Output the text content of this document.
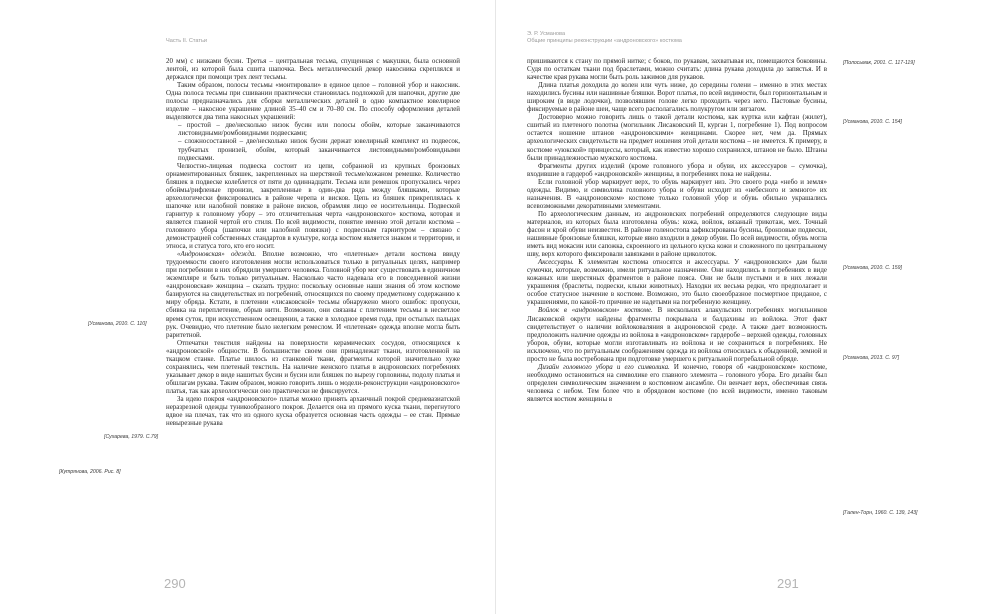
Часть II. Статьи

20 мм) с низками бусин. Третья – центральная тесьма, спущенная с макушки, была основной лентой, из которой была сшита шапочка. Весь металлический декор накосника скреплялся и держался при помощи трех лент тесьмы.

Таким образом, полосы тесьмы «монтировали» в единое целое – головной убор и накосник. Одна полоса тесьмы при сшивании практически становилась подложкой для шапочки, другие две полосы предназначались для сборки металлических деталей в одно компактное ювелирное изделие – накосное украшение длиной 35–40 см и 70–80 см. По способу оформления деталей выделяются два типа накосных украшений:

– простой – две/несколько низок бусин или полосы обойм, которые заканчиваются листовидными/ромбовидными подвесками;

– сложносоставной – две/несколько низок бусин держат ювелирный комплект из подвесок, трубчатых пронизей, обойм, который заканчивается листовидными/ромбовидными подвесками.

Челюстно-лицевая подвеска состоит из цепи, собранной из крупных бронзовых орнаментированных бляшек, закрепленных на шерстяной тесьме/кожаном ремешке. Количество бляшек в подвеске колеблется от пяти до одиннадцати. Тесьма или ремешок пропускались через обоймы/рифленые пронизи, закрепленные в один-два ряда между бляшками, которые археологически фиксировались в районе черепа и висков. Цепь из бляшек прикреплялась к шапочке или налобной повязке в районе висков, обрамляя лицо ее носительницы. Подвеской гарнитур к головному убору – это отличительная черта «андроновского» костюма, которая и является главной чертой его стиля. По всей видимости, понятие именно этой детали костюма – головного убора (шапочки или налобной повязки) с подвесным гарнитуром – связано с демонстрацией собственных стандартов в культуре, когда костюм является знаком и территории, и этноса, и статуса того, кто его носит.

«Андроновская» одежда. Вполне возможно, что «плетеные» детали костюма ввиду трудоемкости своего изготовления могли использоваться только в ритуальных целях, например при погребении в них обрядили умершего человека. Головной убор мог существовать в единичном экземпляре и быть только ритуальным. Насколько часто надевала его в повседневной жизни «андроновская» женщина – сказать трудно: поскольку основные наши знания об этом костюме базируются на свидетельствах из погребений, относящихся по своему предметному содержанию к миру обряда. Кстати, в плетении «лисаковской» тесьмы обнаружено много ошибок: пропуски, сбивка на переплетение, обрыв нити. Возможно, они связаны с плетением тесьмы в несветлое время суток, при искусственном освещении, а также в холодное время года, при остылых пальцах рук. Очевидно, что плетение было нелегким ремеслом. И «плетеная» одежда вполне могла быть раритетной.

Отпечатки текстиля найдены на поверхности керамических сосудов, относящихся к «андроновской» общности. В большинстве своем они принадлежат ткани, изготовленной на ткацком станке. Платье шилось из станковой ткани, фрагменты которой значительно хуже сохранялись, чем плетеный текстиль. На наличие женского платья в андроновских погребениях указывает декор в виде нашитых бусин и бусин или бляшек по вырезу горловины, подолу платья и обшлагам рукава. Таким образом, можно говорить лишь о модели-реконструкции «андроновского» платья, так как археологически оно практически не фиксируется.

За идею покроя «андроновского» платья можно принять архаичный покрой средневазиатской неразрезной одежды туникообразного покроя. Делается она из прямого куска ткани, перегнутого вдвое на плечах, так что из одного куска образуется основная часть одежды – ее стан. Прямые невырезные рукава

[Усманова, 2010. С. 110]
[Сухарева, 1979. С.79]
[Кутрянова, 2006. Рис. 8]
290
Э. Р. Усманова
Общие принципы реконструкции «андроновского» костюма

пришиваются к стану по прямой нитке; с боков, по рукавам, захватывая их, помещаются боковины. Судя по остаткам ткани под браслетами, можно считать: длина рукава доходила до запястья. И в качестве края рукава могли быть роль зажимов для рукавов.

Длина платья доходила до колен или чуть ниже, до середины голени – именно в этих местах находились бусины или нашивные бляшки. Ворот платья, по всей видимости, был горизонтальным и широким (в виде лодочки), позволявшим голове легко проходить через него. Пастовые бусины, фиксируемые в районе шеи, чаще всего располагались полукругом или зигзагом.

Достоверно можно говорить лишь о такой детали костюма, как куртка или кафтан (жилет), сшитый из плетеного полотна (могильник Лисаковский II, курган 1, погребение 1). Под вопросом остается ношение штанов «андроновскими» женщинами. Скорее нет, чем да. Прямых археологических свидетельств на предмет ношения этой детали костюма – не имеется. К примеру, в костюме «уюкской» принцессы, который, как известно хорошо сохранился, штанов не было. Штаны были принадлежностью мужского костюма.

Фрагменты других изделий (кроме головного убора и обуви, их аксессуаров – сумочка), входившие в гардероб «андроновской» женщины, в погребениях пока не найдены.

Если головной убор маркирует верх, то обувь маркирует низ. Это своего рода «небо и земля» одежды. Видимо, и символика головного убора и обуви исходит из «небесного и земного» их назначения. В «андроновском» костюме только головной убор и обувь обильно украшались всевозможными декоративными элементами.

По археологическим данным, из андроновских погребений определяются следующие виды материалов, из которых была изготовлена обувь: кожа, войлок, вязаный трикотаж, мех. Точный фасон и крой обуви неизвестен. В районе голеностопа зафиксированы бусины, бронзовые подвески, нашивные бронзовые бляшки, которые явно входили в декор обуви. По всей видимости, обувь могла иметь вид мокасин или сапожка, скроенного из цельного куска кожи и сложенного по центральному шву, верх которого фиксировали завязками в районе щиколоток.

Аксессуары. К элементам костюма относятся и аксессуары. У «андроновских» дам были сумочки, которые, возможно, имели ритуальное назначение. Они находились в погребениях в виде кожаных или шерстяных фрагментов в районе пояса. Они не были пустыми и в них лежали украшения (браслеты, подвески, клыки животных). Находки их весьма редки, что предполагает и особое статусное значение в костюме. Возможно, это было своеобразное посмертное приданое, с украшениями, по какой-то причине не надетыми на погребенную женщину.

Войлок в «андроновском» костюме. В нескольких алакульских погребениях могильников Лисаковской округи найдены фрагменты покрывала и балдахины из войлока. Этот факт свидетельствует о наличии войлоковаляния в андроновской среде. А также дает возможность предположить наличие одежды из войлока в «андроновском» гардеробе – верхней одежды, головных уборов, обуви, которые могли изготавливать из войлока и не сохраниться в погребениях. Не исключено, что по ритуальным соображениям одежда из войлока относилась к обыденной, земной и просто не была востребована при подготовке умершего к ритуальной погребальной обряде.

Дизайн головного убора и его символика. И конечно, говоря об «андроновском» костюме, необходимо остановиться на символике его главного элемента – головного убора. Его дизайн был определен символическим значением в костюмном ансамбле. Он венчает верх, обеспечивая связь человека с небом. Тем более что в обрядовом костюме (по всей видимости, именно таковым является костюм женщины в

[Полосьмак, 2001. С. 117-119]
[Усманова, 2010. С. 154]
[Усманова, 2010. С. 159]
[Усманова, 2013. С. 97]
[Гален-Торн, 1960. С. 139, 143]
291
